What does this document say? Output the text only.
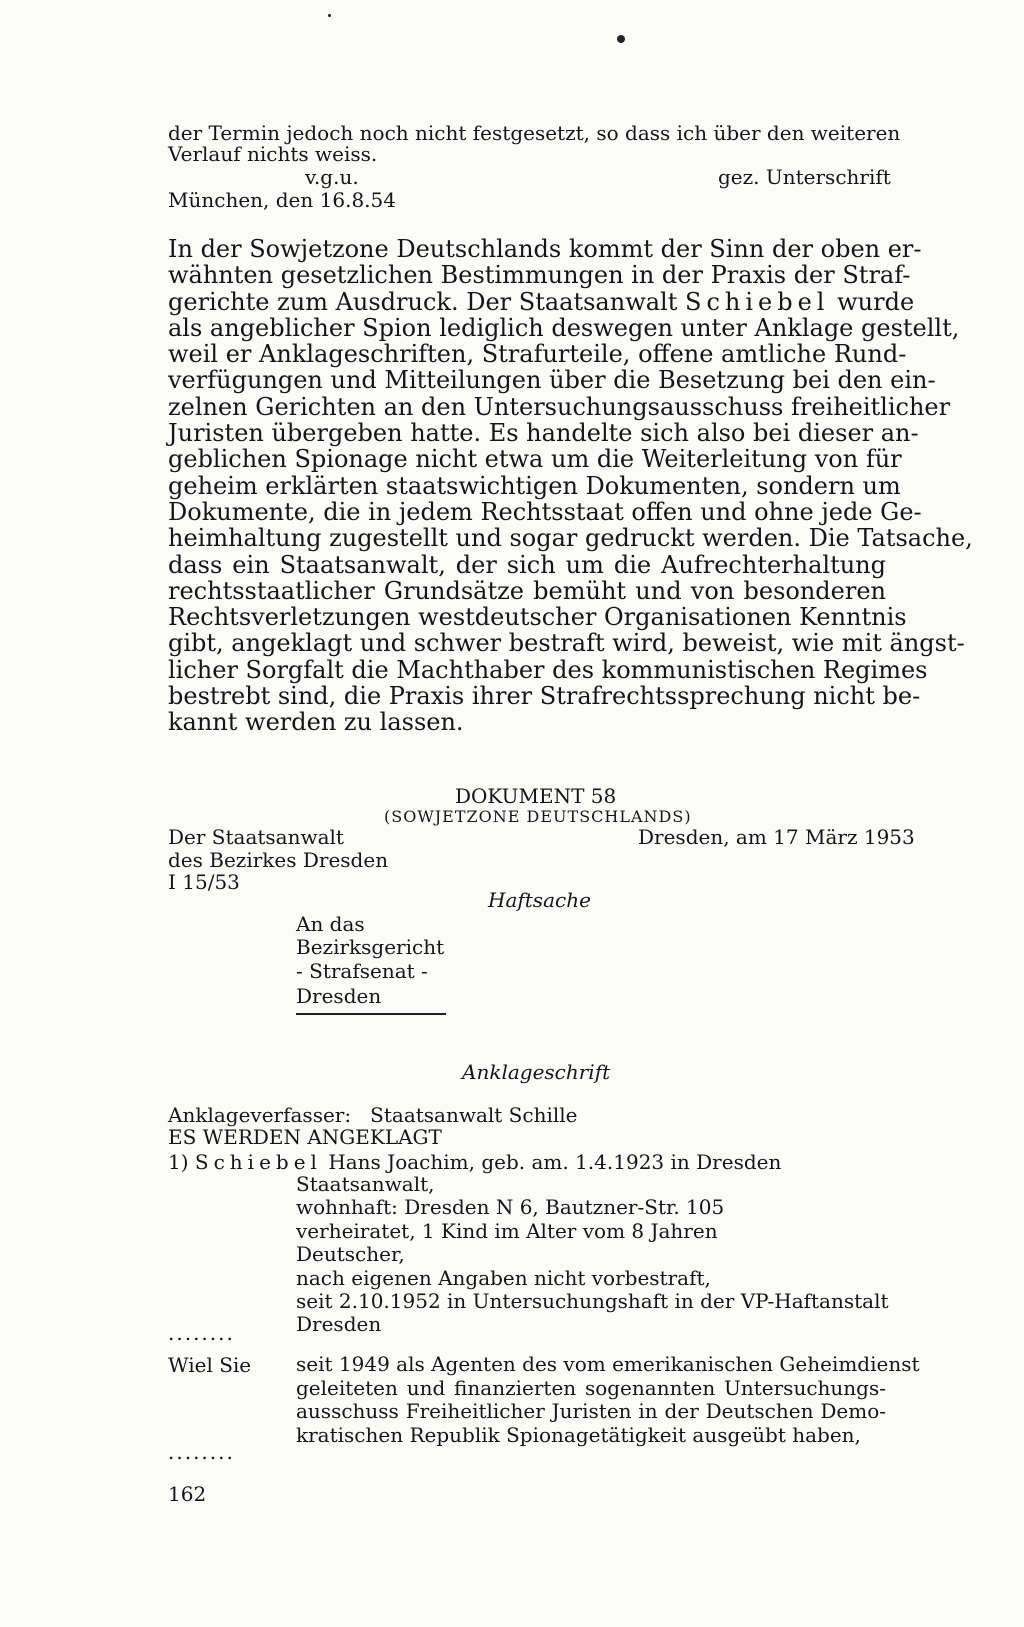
der Termin jedoch noch nicht festgesetzt, so dass ich über den weiteren
Verlauf nichts weiss.
v.g.u.	gez. Unterschrift
München, den 16.8.54
In der Sowjetzone Deutschlands kommt der Sinn der oben er-
wähnten gesetzlichen Bestimmungen in der Praxis der Straf-
gerichte zum Ausdruck. Der Staatsanwalt Schiebel wurde
als angeblicher Spion lediglich deswegen unter Anklage gestellt,
weil er Anklageschriften, Strafurteile, offene amtliche Rund-
verfügungen und Mitteilungen über die Besetzung bei den ein-
zelnen Gerichten an den Untersuchungsausschuss freiheitlicher
Juristen übergeben hatte. Es handelte sich also bei dieser an-
geblichen Spionage nicht etwa um die Weiterleitung von für
geheim erklärten staatswichtigen Dokumenten, sondern um
Dokumente, die in jedem Rechtsstaat offen und ohne jede Ge-
heimhaltung zugestellt und sogar gedruckt werden. Die Tatsache,
dass ein Staatsanwalt, der sich um die Aufrechterhaltung
rechtsstaatlicher Grundsätze bemüht und von besonderen
Rechtsverletzungen westdeutscher Organisationen Kenntnis
gibt, angeklagt und schwer bestraft wird, beweist, wie mit ängst-
licher Sorgfalt die Machthaber des kommunistischen Regimes
bestrebt sind, die Praxis ihrer Strafrechtssprechung nicht be-
kannt werden zu lassen.
DOKUMENT 58
(SOWJETZONE DEUTSCHLANDS)
Der Staatsanwalt
des Bezirkes Dresden
I 15/53
Dresden, am 17 März 1953
Haftsache
An das
Bezirksgericht
- Strafsenat -
Dresden
Anklageschrift
Anklageverfasser:   Staatsanwalt Schille
ES WERDEN ANGEKLAGT
1) Schiebel Hans Joachim, geb. am. 1.4.1923 in Dresden
Staatsanwalt,
wohnhaft: Dresden N 6, Bautzner-Str. 105
verheiratet, 1 Kind im Alter vom 8 Jahren
Deutscher,
nach eigenen Angaben nicht vorbestraft,
seit 2.10.1952 in Untersuchungshaft in der VP-Haftanstalt
Dresden
........
Wiel Sie seit 1949 als Agenten des vom emerikanischen Geheimdienst
geleiteten und finanzierten sogenannten Untersuchungs-
ausschuss Freiheitlicher Juristen in der Deutschen Demo-
kratischen Republik Spionagetätigkeit ausgeübt haben,
........
162
